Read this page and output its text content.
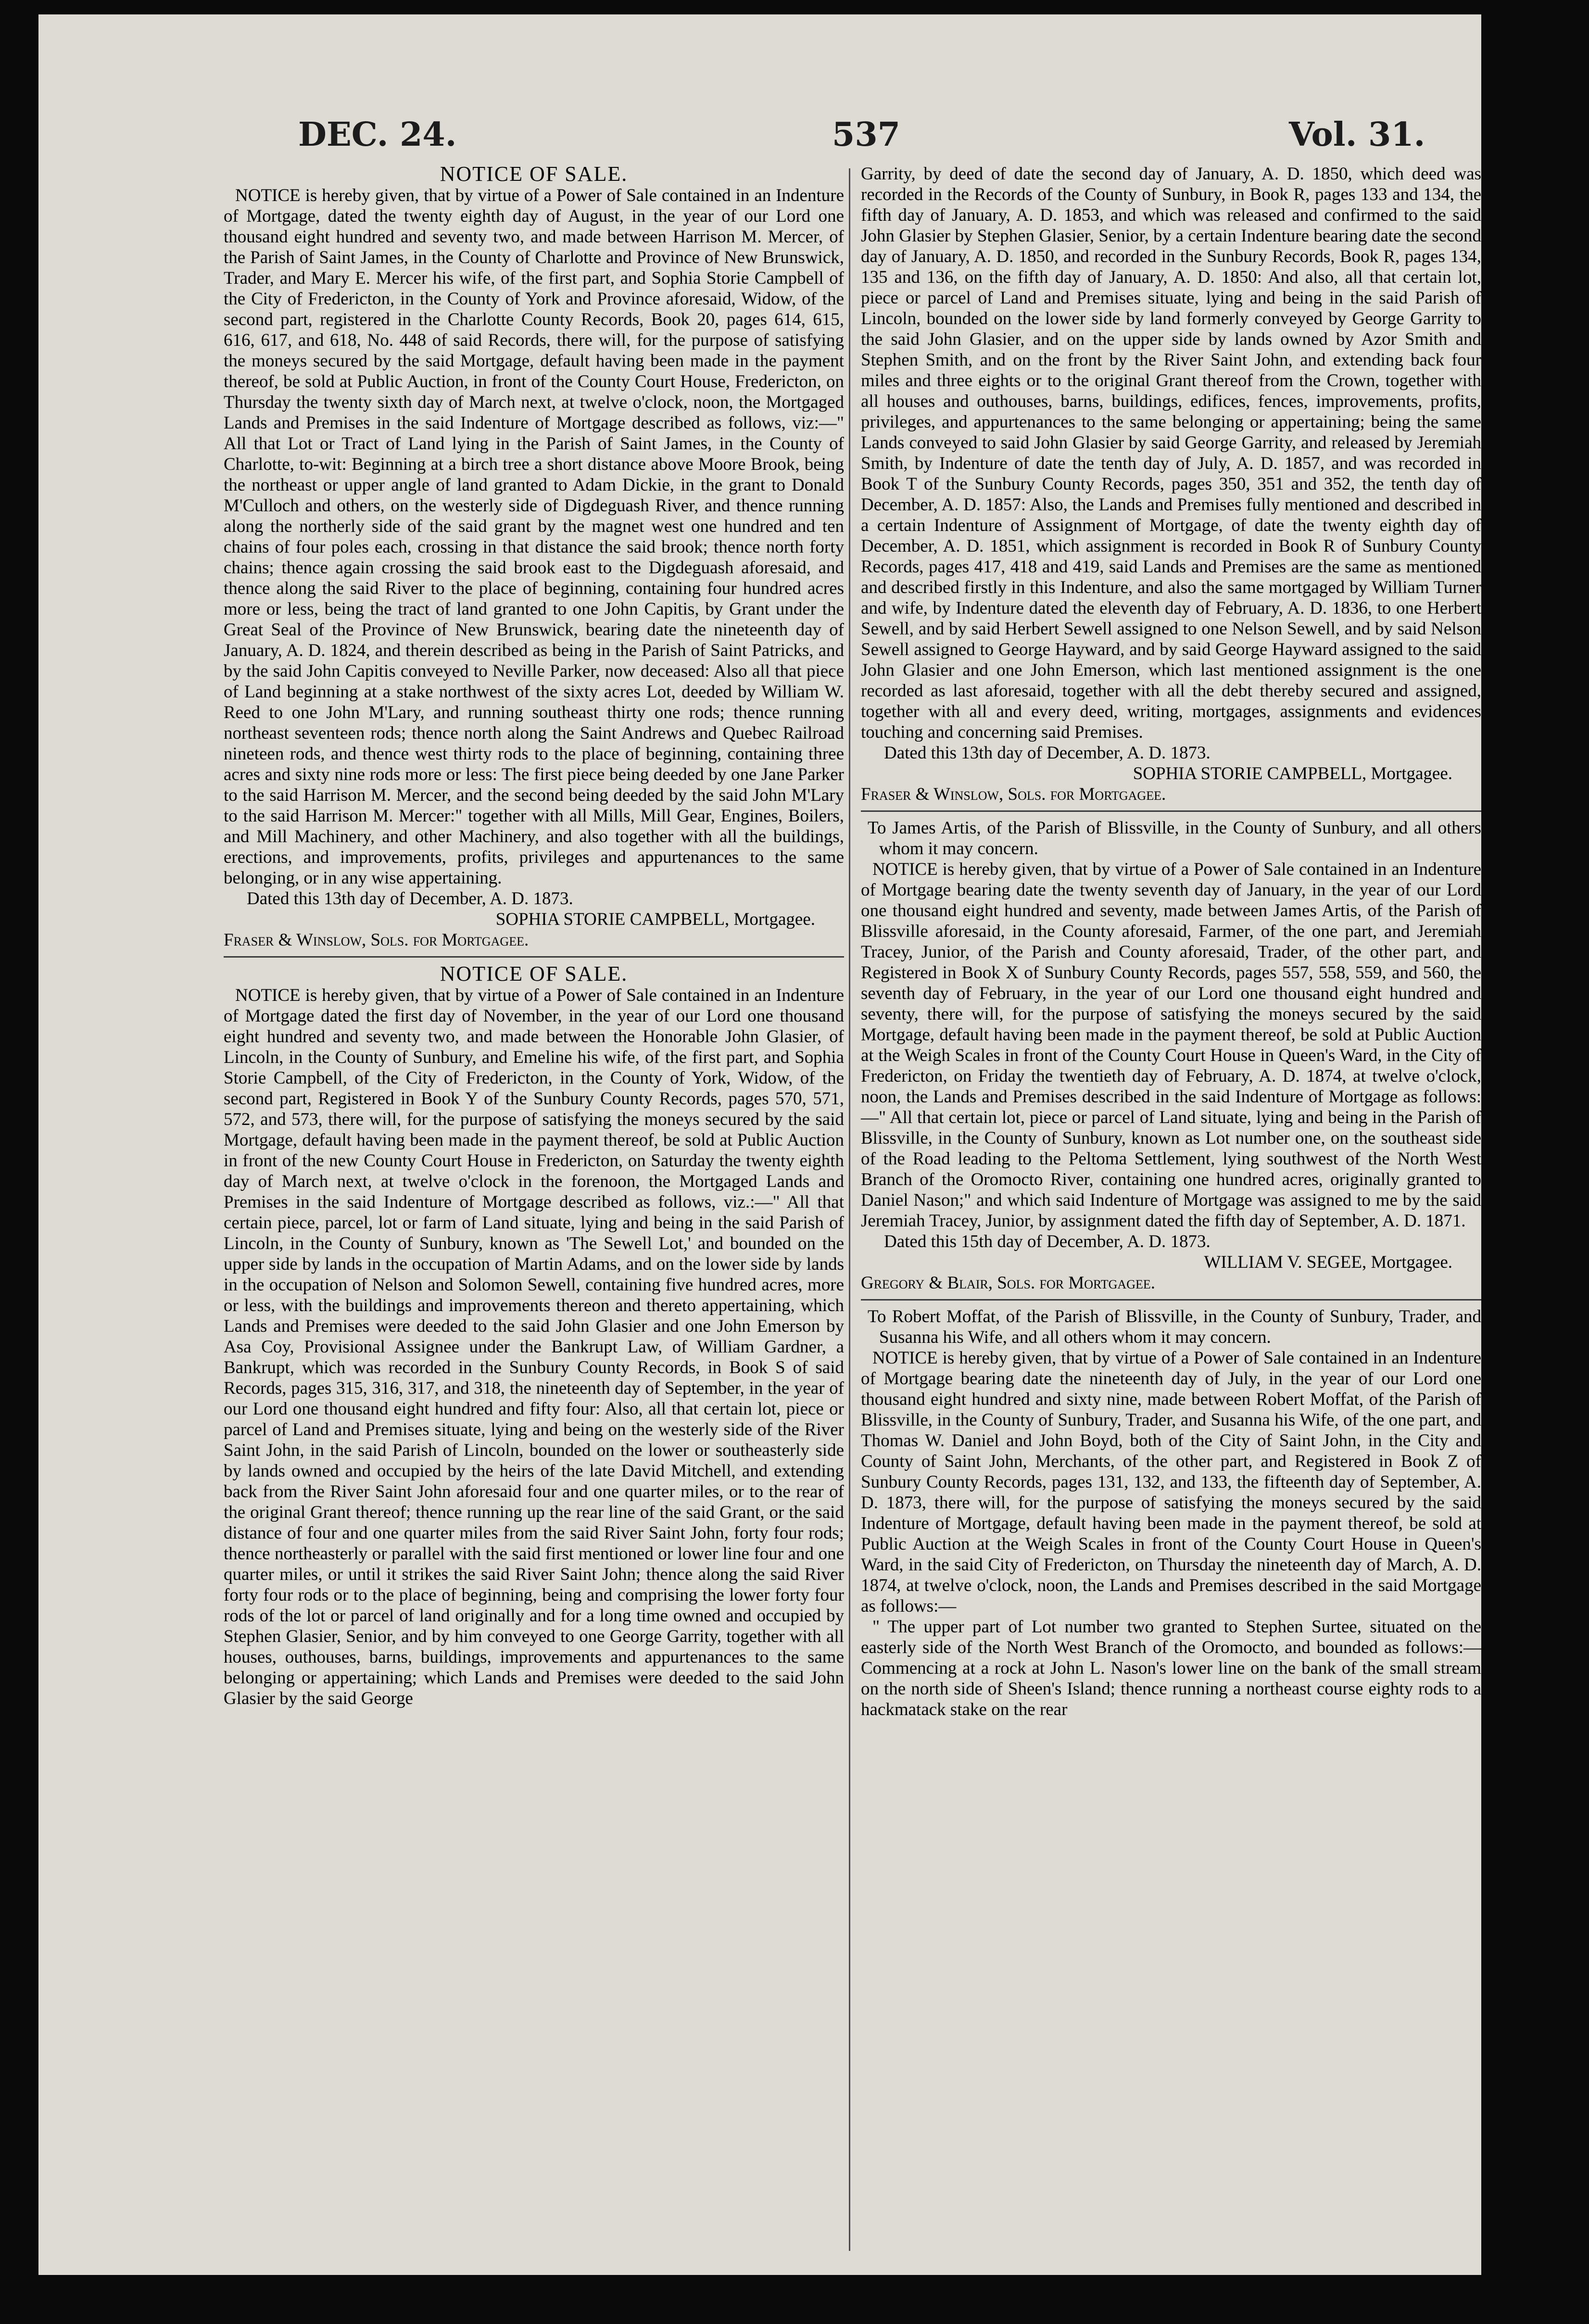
DEC. 24.	537	Vol. 31.
NOTICE OF SALE.

NOTICE is hereby given, that by virtue of a Power of Sale contained in an Indenture of Mortgage, dated the twenty eighth day of August, in the year of our Lord one thousand eight hundred and seventy two, and made between Harrison M. Mercer, of the Parish of Saint James, in the County of Charlotte and Province of New Brunswick, Trader, and Mary E. Mercer his wife, of the first part, and Sophia Storie Campbell of the City of Fredericton, in the County of York and Province aforesaid, Widow, of the second part, registered in the Charlotte County Records, Book 20, pages 614, 615, 616, 617, and 618, No. 448 of said Records, there will, for the purpose of satisfying the moneys secured by the said Mortgage, default having been made in the payment thereof, be sold at Public Auction, in front of the County Court House, Fredericton, on Thursday the twenty sixth day of March next, at twelve o'clock, noon, the Mortgaged Lands and Premises in the said Indenture of Mortgage described as follows, viz:—" All that Lot or Tract of Land lying in the Parish of Saint James, in the County of Charlotte, to-wit: Beginning at a birch tree a short distance above Moore Brook, being the northeast or upper angle of land granted to Adam Dickie, in the grant to Donald M'Culloch and others, on the westerly side of Digdeguash River, and thence running along the northerly side of the said grant by the magnet west one hundred and ten chains of four poles each, crossing in that distance the said brook; thence north forty chains; thence again crossing the said brook east to the Digdeguash aforesaid, and thence along the said River to the place of beginning, containing four hundred acres more or less, being the tract of land granted to one John Capitis, by Grant under the Great Seal of the Province of New Brunswick, bearing date the nineteenth day of January, A. D. 1824, and therein described as being in the Parish of Saint Patricks, and by the said John Capitis conveyed to Neville Parker, now deceased: Also all that piece of Land beginning at a stake northwest of the sixty acres Lot, deeded by William W. Reed to one John M'Lary, and running southeast thirty one rods; thence running northeast seventeen rods; thence north along the Saint Andrews and Quebec Railroad nineteen rods, and thence west thirty rods to the place of beginning, containing three acres and sixty nine rods more or less: The first piece being deeded by one Jane Parker to the said Harrison M. Mercer, and the second being deeded by the said John M'Lary to the said Harrison M. Mercer:" together with all Mills, Mill Gear, Engines, Boilers, and Mill Machinery, and other Machinery, and also together with all the buildings, erections, and improvements, profits, privileges and appurtenances to the same belonging, or in any wise appertaining.

Dated this 13th day of December, A. D. 1873.

SOPHIA STORIE CAMPBELL, Mortgagee.

Fraser & Winslow, Sols. for Mortgagee.

NOTICE OF SALE.

NOTICE is hereby given, that by virtue of a Power of Sale contained in an Indenture of Mortgage dated the first day of November, in the year of our Lord one thousand eight hundred and seventy two, and made between the Honorable John Glasier, of Lincoln, in the County of Sunbury, and Emeline his wife, of the first part, and Sophia Storie Campbell, of the City of Fredericton, in the County of York, Widow, of the second part, Registered in Book Y of the Sunbury County Records, pages 570, 571, 572, and 573, there will, for the purpose of satisfying the moneys secured by the said Mortgage, default having been made in the payment thereof, be sold at Public Auction in front of the new County Court House in Fredericton, on Saturday the twenty eighth day of March next, at twelve o'clock in the forenoon, the Mortgaged Lands and Premises in the said Indenture of Mortgage described as follows, viz.:—" All that certain piece, parcel, lot or farm of Land situate, lying and being in the said Parish of Lincoln, in the County of Sunbury, known as 'The Sewell Lot,' and bounded on the upper side by lands in the occupation of Martin Adams, and on the lower side by lands in the occupation of Nelson and Solomon Sewell, containing five hundred acres, more or less, with the buildings and improvements thereon and thereto appertaining, which Lands and Premises were deeded to the said John Glasier and one John Emerson by Asa Coy, Provisional Assignee under the Bankrupt Law, of William Gardner, a Bankrupt, which was recorded in the Sunbury County Records, in Book S of said Records, pages 315, 316, 317, and 318, the nineteenth day of September, in the year of our Lord one thousand eight hundred and fifty four: Also, all that certain lot, piece or parcel of Land and Premises situate, lying and being on the westerly side of the River Saint John, in the said Parish of Lincoln, bounded on the lower or southeasterly side by lands owned and occupied by the heirs of the late David Mitchell, and extending back from the River Saint John aforesaid four and one quarter miles, or to the rear of the original Grant thereof; thence running up the rear line of the said Grant, or the said distance of four and one quarter miles from the said River Saint John, forty four rods; thence northeasterly or parallel with the said first mentioned or lower line four and one quarter miles, or until it strikes the said River Saint John; thence along the said River forty four rods or to the place of beginning, being and comprising the lower forty four rods of the lot or parcel of land originally and for a long time owned and occupied by Stephen Glasier, Senior, and by him conveyed to one George Garrity, together with all houses, outhouses, barns, buildings, improvements and appurtenances to the same belonging or appertaining; which Lands and Premises were deeded to the said John Glasier by the said George

Garrity, by deed of date the second day of January, A. D. 1850, which deed was recorded in the Records of the County of Sunbury, in Book R, pages 133 and 134, the fifth day of January, A. D. 1853, and which was released and confirmed to the said John Glasier by Stephen Glasier, Senior, by a certain Indenture bearing date the second day of January, A. D. 1850, and recorded in the Sunbury Records, Book R, pages 134, 135 and 136, on the fifth day of January, A. D. 1850: And also, all that certain lot, piece or parcel of Land and Premises situate, lying and being in the said Parish of Lincoln, bounded on the lower side by land formerly conveyed by George Garrity to the said John Glasier, and on the upper side by lands owned by Azor Smith and Stephen Smith, and on the front by the River Saint John, and extending back four miles and three eights or to the original Grant thereof from the Crown, together with all houses and outhouses, barns, buildings, edifices, fences, improvements, profits, privileges, and appurtenances to the same belonging or appertaining; being the same Lands conveyed to said John Glasier by said George Garrity, and released by Jeremiah Smith, by Indenture of date the tenth day of July, A. D. 1857, and was recorded in Book T of the Sunbury County Records, pages 350, 351 and 352, the tenth day of December, A. D. 1857: Also, the Lands and Premises fully mentioned and described in a certain Indenture of Assignment of Mortgage, of date the twenty eighth day of December, A. D. 1851, which assignment is recorded in Book R of Sunbury County Records, pages 417, 418 and 419, said Lands and Premises are the same as mentioned and described firstly in this Indenture, and also the same mortgaged by William Turner and wife, by Indenture dated the eleventh day of February, A. D. 1836, to one Herbert Sewell, and by said Herbert Sewell assigned to one Nelson Sewell, and by said Nelson Sewell assigned to George Hayward, and by said George Hayward assigned to the said John Glasier and one John Emerson, which last mentioned assignment is the one recorded as last aforesaid, together with all the debt thereby secured and assigned, together with all and every deed, writing, mortgages, assignments and evidences touching and concerning said Premises.

Dated this 13th day of December, A. D. 1873.

SOPHIA STORIE CAMPBELL, Mortgagee.

Fraser & Winslow, Sols. for Mortgagee.

To James Artis, of the Parish of Blissville, in the County of Sunbury, and all others whom it may concern.

NOTICE is hereby given, that by virtue of a Power of Sale contained in an Indenture of Mortgage bearing date the twenty seventh day of January, in the year of our Lord one thousand eight hundred and seventy, made between James Artis, of the Parish of Blissville aforesaid, in the County aforesaid, Farmer, of the one part, and Jeremiah Tracey, Junior, of the Parish and County aforesaid, Trader, of the other part, and Registered in Book X of Sunbury County Records, pages 557, 558, 559, and 560, the seventh day of February, in the year of our Lord one thousand eight hundred and seventy, there will, for the purpose of satisfying the moneys secured by the said Mortgage, default having been made in the payment thereof, be sold at Public Auction at the Weigh Scales in front of the County Court House in Queen's Ward, in the City of Fredericton, on Friday the twentieth day of February, A. D. 1874, at twelve o'clock, noon, the Lands and Premises described in the said Indenture of Mortgage as follows:—" All that certain lot, piece or parcel of Land situate, lying and being in the Parish of Blissville, in the County of Sunbury, known as Lot number one, on the southeast side of the Road leading to the Peltoma Settlement, lying southwest of the North West Branch of the Oromocto River, containing one hundred acres, originally granted to Daniel Nason;" and which said Indenture of Mortgage was assigned to me by the said Jeremiah Tracey, Junior, by assignment dated the fifth day of September, A. D. 1871.

Dated this 15th day of December, A. D. 1873.

WILLIAM V. SEGEE, Mortgagee.

Gregory & Blair, Sols. for Mortgagee.

To Robert Moffat, of the Parish of Blissville, in the County of Sunbury, Trader, and Susanna his Wife, and all others whom it may concern.

NOTICE is hereby given, that by virtue of a Power of Sale contained in an Indenture of Mortgage bearing date the nineteenth day of July, in the year of our Lord one thousand eight hundred and sixty nine, made between Robert Moffat, of the Parish of Blissville, in the County of Sunbury, Trader, and Susanna his Wife, of the one part, and Thomas W. Daniel and John Boyd, both of the City of Saint John, in the City and County of Saint John, Merchants, of the other part, and Registered in Book Z of Sunbury County Records, pages 131, 132, and 133, the fifteenth day of September, A. D. 1873, there will, for the purpose of satisfying the moneys secured by the said Indenture of Mortgage, default having been made in the payment thereof, be sold at Public Auction at the Weigh Scales in front of the County Court House in Queen's Ward, in the said City of Fredericton, on Thursday the nineteenth day of March, A. D. 1874, at twelve o'clock, noon, the Lands and Premises described in the said Mortgage as follows:—

" The upper part of Lot number two granted to Stephen Surtee, situated on the easterly side of the North West Branch of the Oromocto, and bounded as follows:—Commencing at a rock at John L. Nason's lower line on the bank of the small stream on the north side of Sheen's Island; thence running a northeast course eighty rods to a hackmatack stake on the rear
